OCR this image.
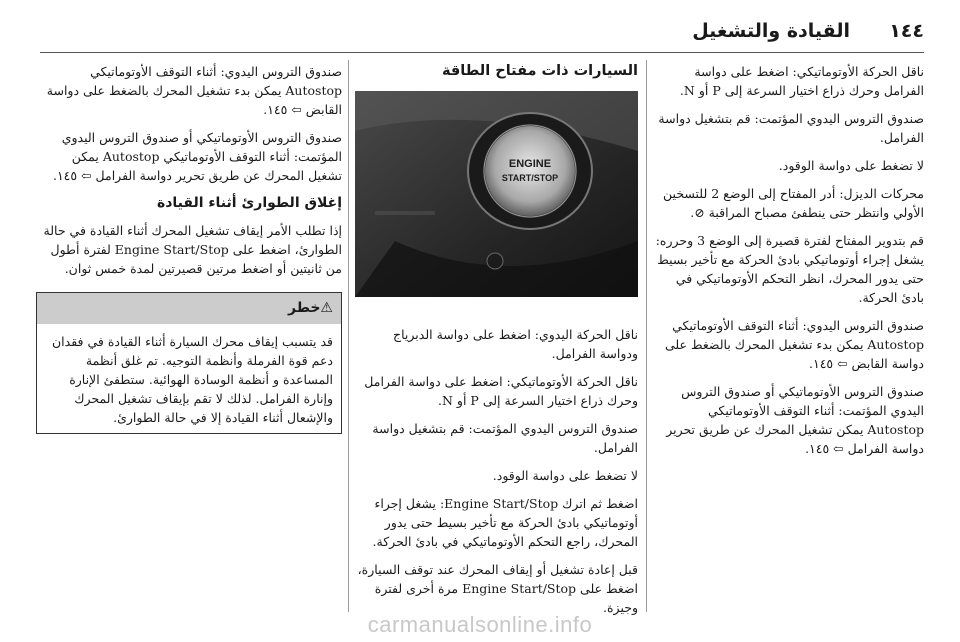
١٤٤
القيادة والتشغيل

ناقل الحركة الأوتوماتيكي: اضغط على دواسة الفرامل وحرك ذراع اختيار السرعة إلى P أو N.

صندوق التروس اليدوي المؤتمت: قم بتشغيل دواسة الفرامل.

لا تضغط على دواسة الوقود.

محركات الديزل: أدر المفتاح إلى الوضع 2 للتسخين الأولي وانتظر حتى ينطفئ مصباح المراقبة ⊘.

قم بتدوير المفتاح لفترة قصيرة إلى الوضع 3 وحرره: يشغل إجراء أوتوماتيكي بادئ الحركة مع تأخير بسيط حتى يدور المحرك، انظر التحكم الأوتوماتيكي في بادئ الحركة.

صندوق التروس اليدوي: أثناء التوقف الأوتوماتيكي Autostop يمكن بدء تشغيل المحرك بالضغط على دواسة القابض ⇦ ١٤٥.

صندوق التروس الأوتوماتيكي أو صندوق التروس اليدوي المؤتمت: أثناء التوقف الأوتوماتيكي Autostop يمكن تشغيل المحرك عن طريق تحرير دواسة الفرامل ⇦ ١٤٥.

السيارات ذات مفتاح الطاقة
ENGINE
START/STOP

ناقل الحركة اليدوي: اضغط على دواسة الدبرياج ودواسة الفرامل.

ناقل الحركة الأوتوماتيكي: اضغط على دواسة الفرامل وحرك ذراع اختيار السرعة إلى P أو N.

صندوق التروس اليدوي المؤتمت: قم بتشغيل دواسة الفرامل.

لا تضغط على دواسة الوقود.

اضغط ثم اترك Engine Start/Stop: يشغل إجراء أوتوماتيكي بادئ الحركة مع تأخير بسيط حتى يدور المحرك، راجع التحكم الأوتوماتيكي في بادئ الحركة.

قبل إعادة تشغيل أو إيقاف المحرك عند توقف السيارة، اضغط على Engine Start/Stop مرة أخرى لفترة وجيزة.

صندوق التروس اليدوي: أثناء التوقف الأوتوماتيكي Autostop يمكن بدء تشغيل المحرك بالضغط على دواسة القابض ⇦ ١٤٥.

صندوق التروس الأوتوماتيكي أو صندوق التروس اليدوي المؤتمت: أثناء التوقف الأوتوماتيكي Autostop يمكن تشغيل المحرك عن طريق تحرير دواسة الفرامل ⇦ ١٤٥.

إغلاق الطوارئ أثناء القيادة

إذا تطلب الأمر إيقاف تشغيل المحرك أثناء القيادة في حالة الطوارئ، اضغط على Engine Start/Stop لفترة أطول من ثانيتين أو اضغط مرتين قصيرتين لمدة خمس ثوان.

⚠خطر
قد يتسبب إيقاف محرك السيارة أثناء القيادة في فقدان دعم قوة الفرملة وأنظمة التوجيه. تم غلق أنظمة المساعدة و أنظمة الوسادة الهوائية. ستطفئ الإنارة وإنارة الفرامل. لذلك لا تقم بإيقاف تشغيل المحرك والإشعال أثناء القيادة إلا في حالة الطوارئ.
carmanualsonline.info
